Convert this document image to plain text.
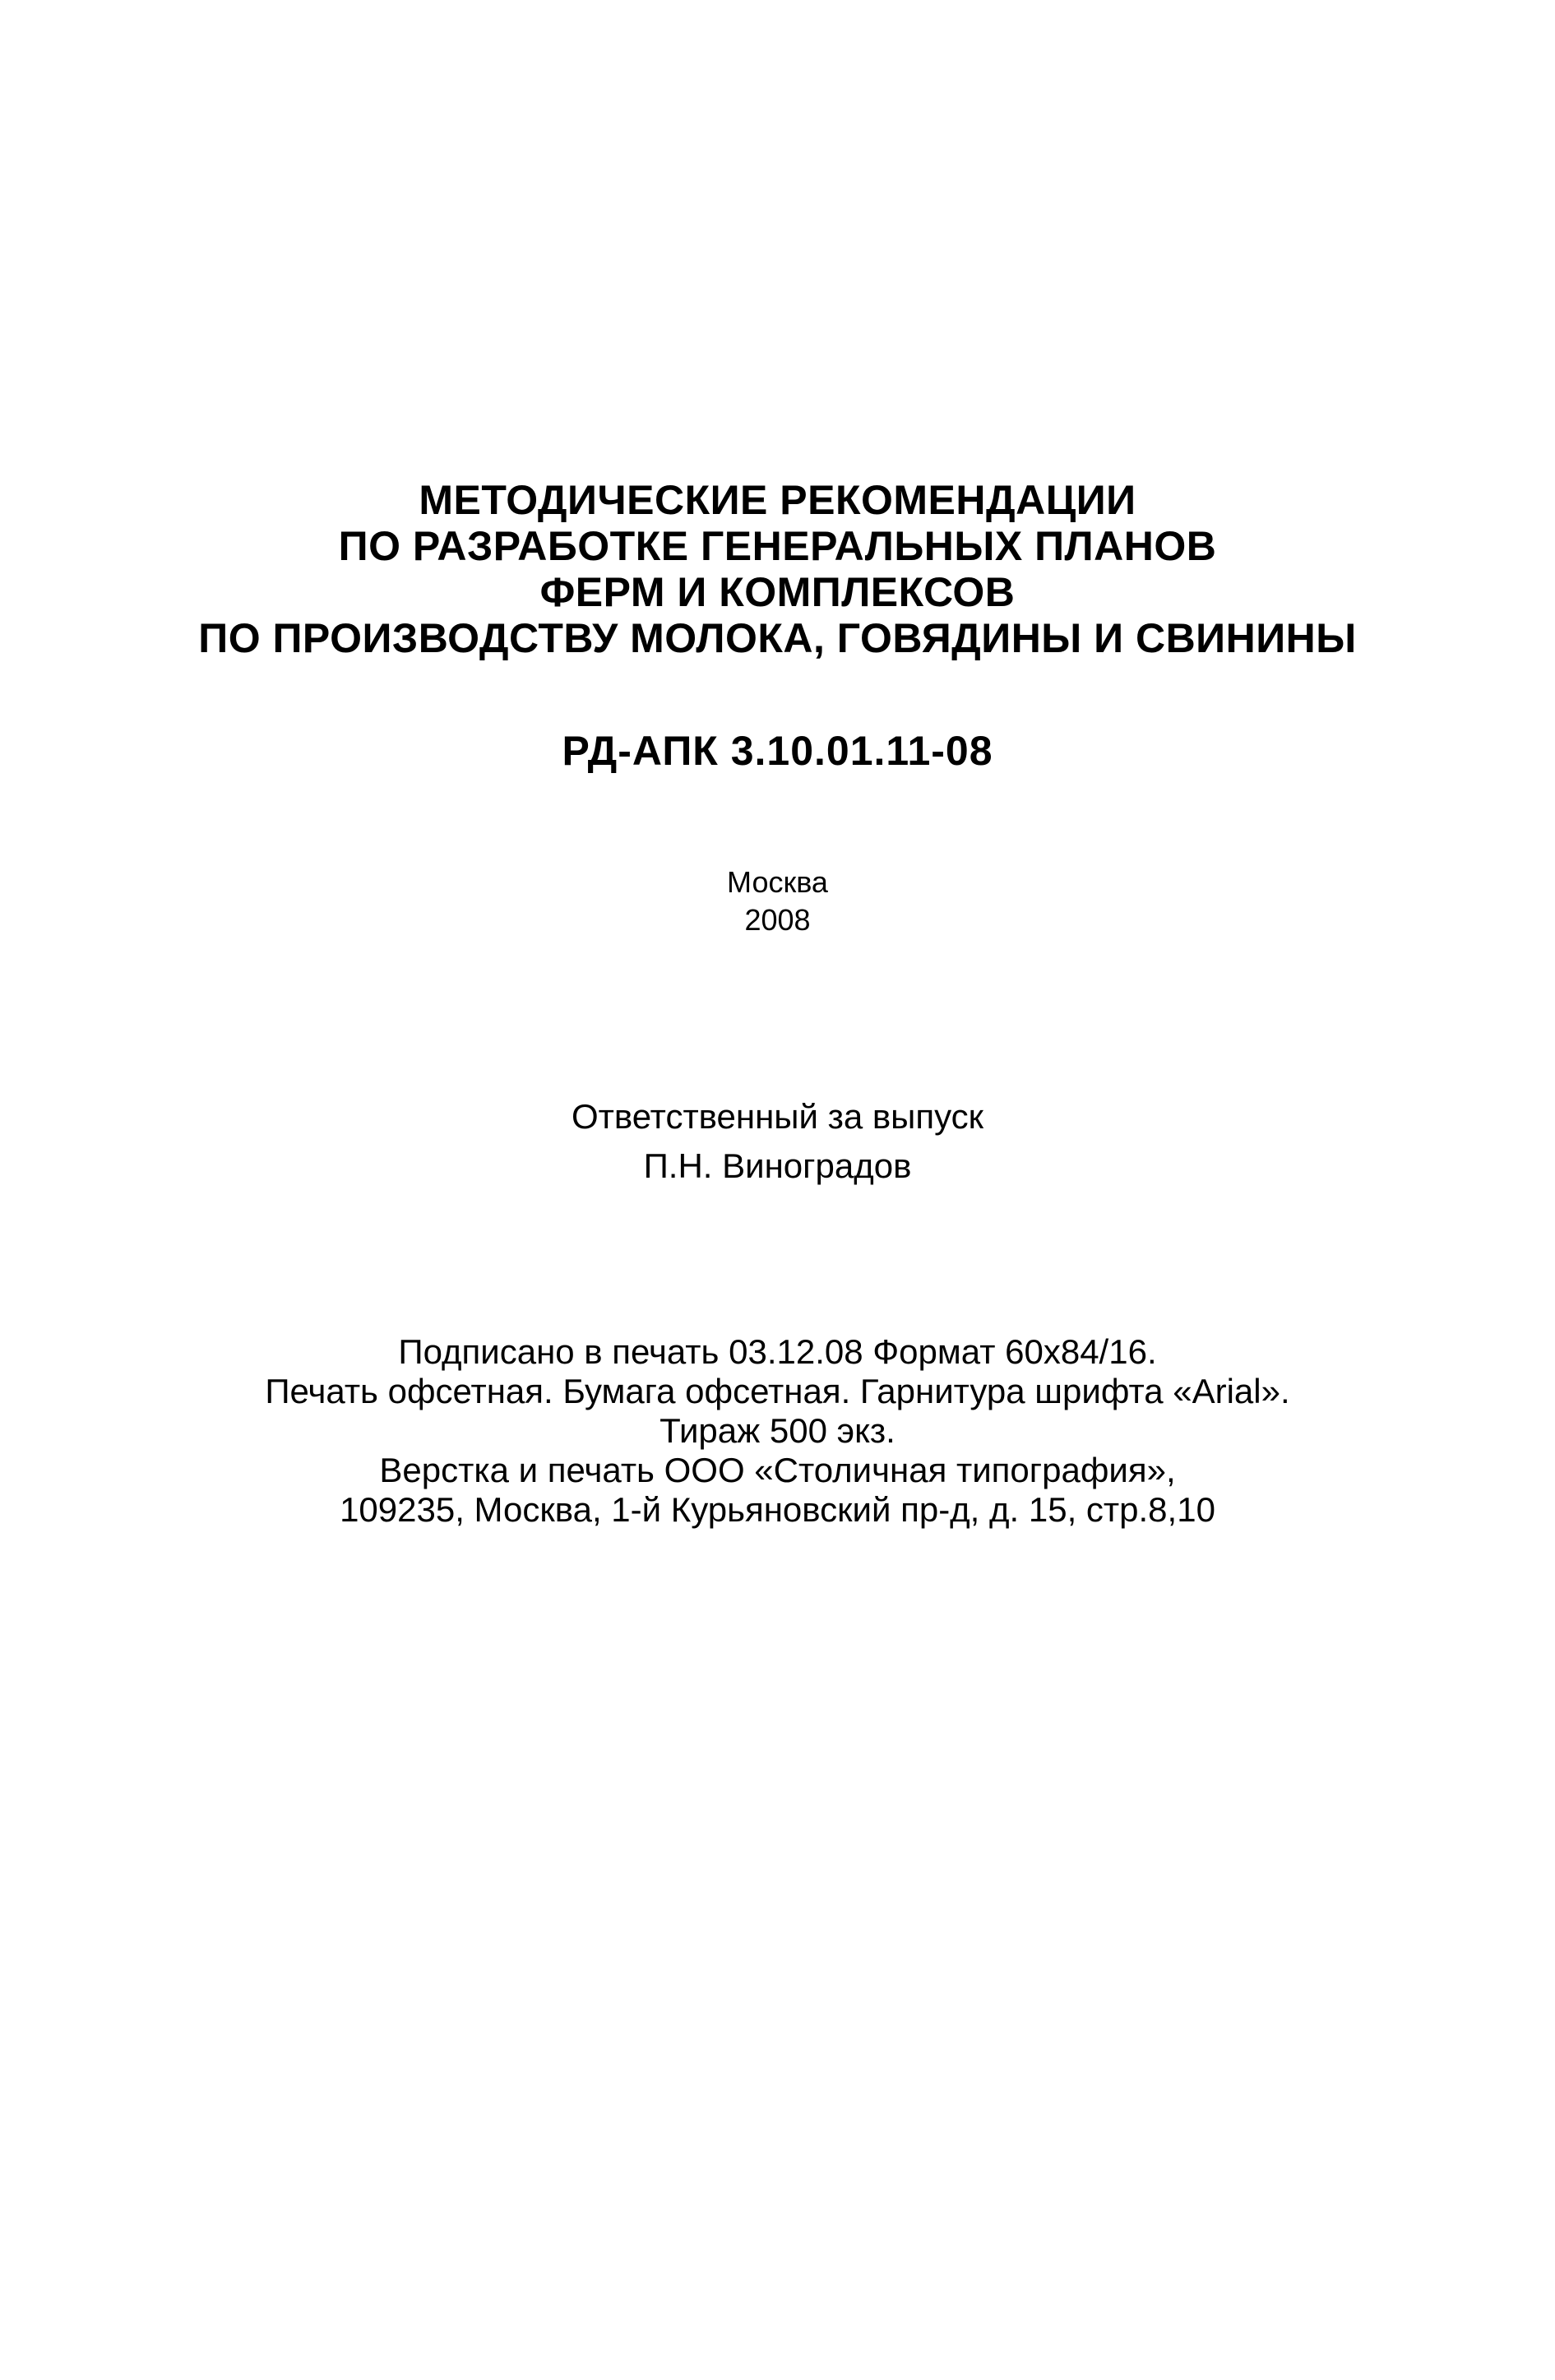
МЕТОДИЧЕСКИЕ РЕКОМЕНДАЦИИ
ПО РАЗРАБОТКЕ ГЕНЕРАЛЬНЫХ ПЛАНОВ
ФЕРМ И КОМПЛЕКСОВ
ПО ПРОИЗВОДСТВУ МОЛОКА, ГОВЯДИНЫ И СВИНИНЫ
РД-АПК 3.10.01.11-08
Москва
2008
Ответственный за выпуск
П.Н. Виноградов
Подписано в печать 03.12.08 Формат 60x84/16.
Печать офсетная. Бумага офсетная. Гарнитура шрифта «Arial».
Тираж 500 экз.
Верстка и печать ООО «Столичная типография»,
109235, Москва, 1-й Курьяновский пр-д, д. 15, стр.8,10
